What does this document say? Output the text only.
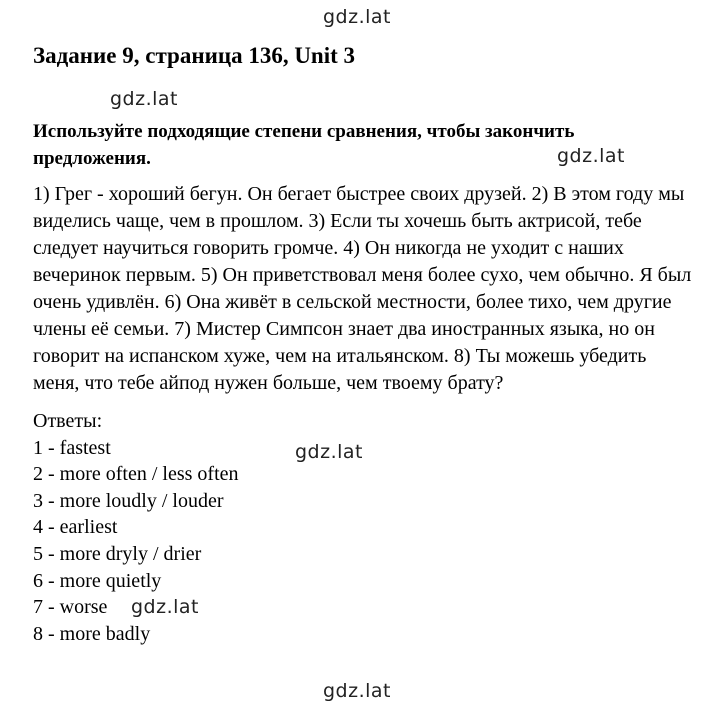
gdz.lat
Задание 9, страница 136, Unit 3
gdz.lat
Используйте подходящие степени сравнения, чтобы закончить
предложения.	gdz.lat
1) Грег - хороший бегун. Он бегает быстрее своих друзей. 2) В этом году мы
виделись чаще, чем в прошлом. 3) Если ты хочешь быть актрисой, тебе
следует научиться говорить громче. 4) Он никогда не уходит с наших
вечеринок первым. 5) Он приветствовал меня более сухо, чем обычно. Я был
очень удивлён. 6) Она живёт в сельской местности, более тихо, чем другие
члены её семьи. 7) Мистер Симпсон знает два иностранных языка, но он
говорит на испанском хуже, чем на итальянском. 8) Ты можешь убедить
меня, что тебе айпод нужен больше, чем твоему брату?
Ответы:
1 - fastest
2 - more often / less often
3 - more loudly / louder
4 - earliest
5 - more dryly / drier
6 - more quietly
7 - worse
8 - more badly
gdz.lat
gdz.lat
gdz.lat
